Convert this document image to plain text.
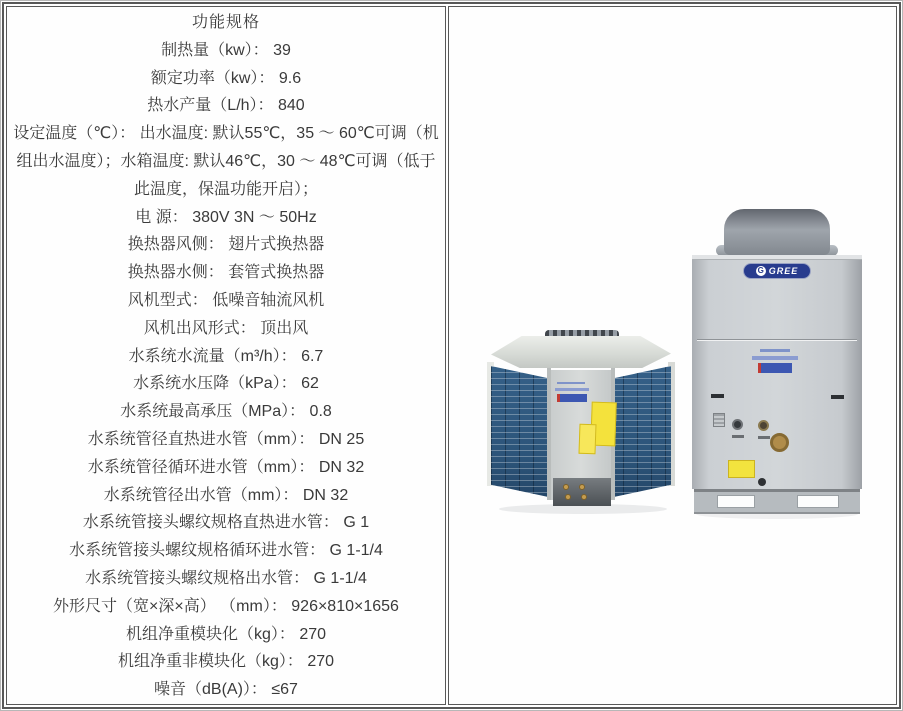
功能规格
制热量（kw）： 39
额定功率（kw）： 9.6
热水产量（L/h）： 840
设定温度（℃）： 出水温度: 默认55℃，35 ～ 60℃可调（机组出水温度）；水箱温度: 默认46℃，30 ～ 48℃可调（低于此温度，保温功能开启）；
电 源： 380V 3N ～ 50Hz
换热器风侧： 翅片式换热器
换热器水侧： 套管式换热器
风机型式： 低噪音轴流风机
风机出风形式： 顶出风
水系统水流量（m³/h）： 6.7
水系统水压降（kPa）： 62
水系统最高承压（MPa）： 0.8
水系统管径直热进水管（mm）： DN 25
水系统管径循环进水管（mm）： DN 32
水系统管径出水管（mm）： DN 32
水系统管接头螺纹规格直热进水管： G 1
水系统管接头螺纹规格循环进水管： G 1-1/4
水系统管接头螺纹规格出水管： G 1-1/4
外形尺寸（宽×深×高） （mm）： 926×810×1656
机组净重模块化（kg）： 270
机组净重非模块化（kg）： 270
噪音（dB(A)）： ≤67
G GREE
